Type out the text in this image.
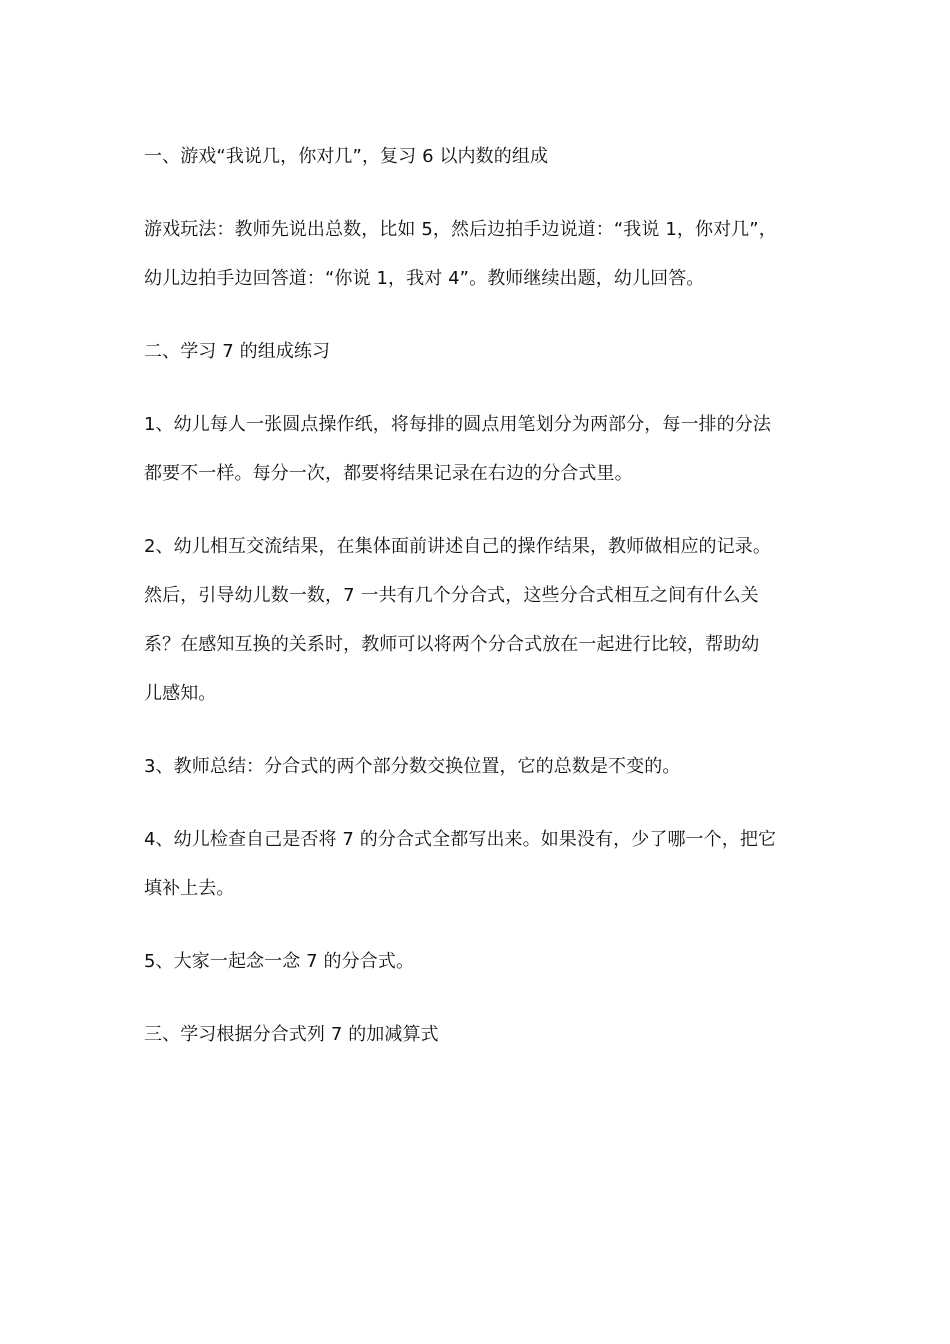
一、游戏“我说几，你对几”，复习 6 以内数的组成

游戏玩法：教师先说出总数，比如 5，然后边拍手边说道：“我说 1，你对几”，
幼儿边拍手边回答道：“你说 1，我对 4”。教师继续出题，幼儿回答。

二、学习 7 的组成练习

1、幼儿每人一张圆点操作纸，将每排的圆点用笔划分为两部分，每一排的分法
都要不一样。每分一次，都要将结果记录在右边的分合式里。

2、幼儿相互交流结果，在集体面前讲述自己的操作结果，教师做相应的记录。
然后，引导幼儿数一数，7 一共有几个分合式，这些分合式相互之间有什么关
系？在感知互换的关系时，教师可以将两个分合式放在一起进行比较，帮助幼
儿感知。

3、教师总结：分合式的两个部分数交换位置，它的总数是不变的。

4、幼儿检查自己是否将 7 的分合式全都写出来。如果没有，少了哪一个，把它
填补上去。

5、大家一起念一念 7 的分合式。

三、学习根据分合式列 7 的加减算式
